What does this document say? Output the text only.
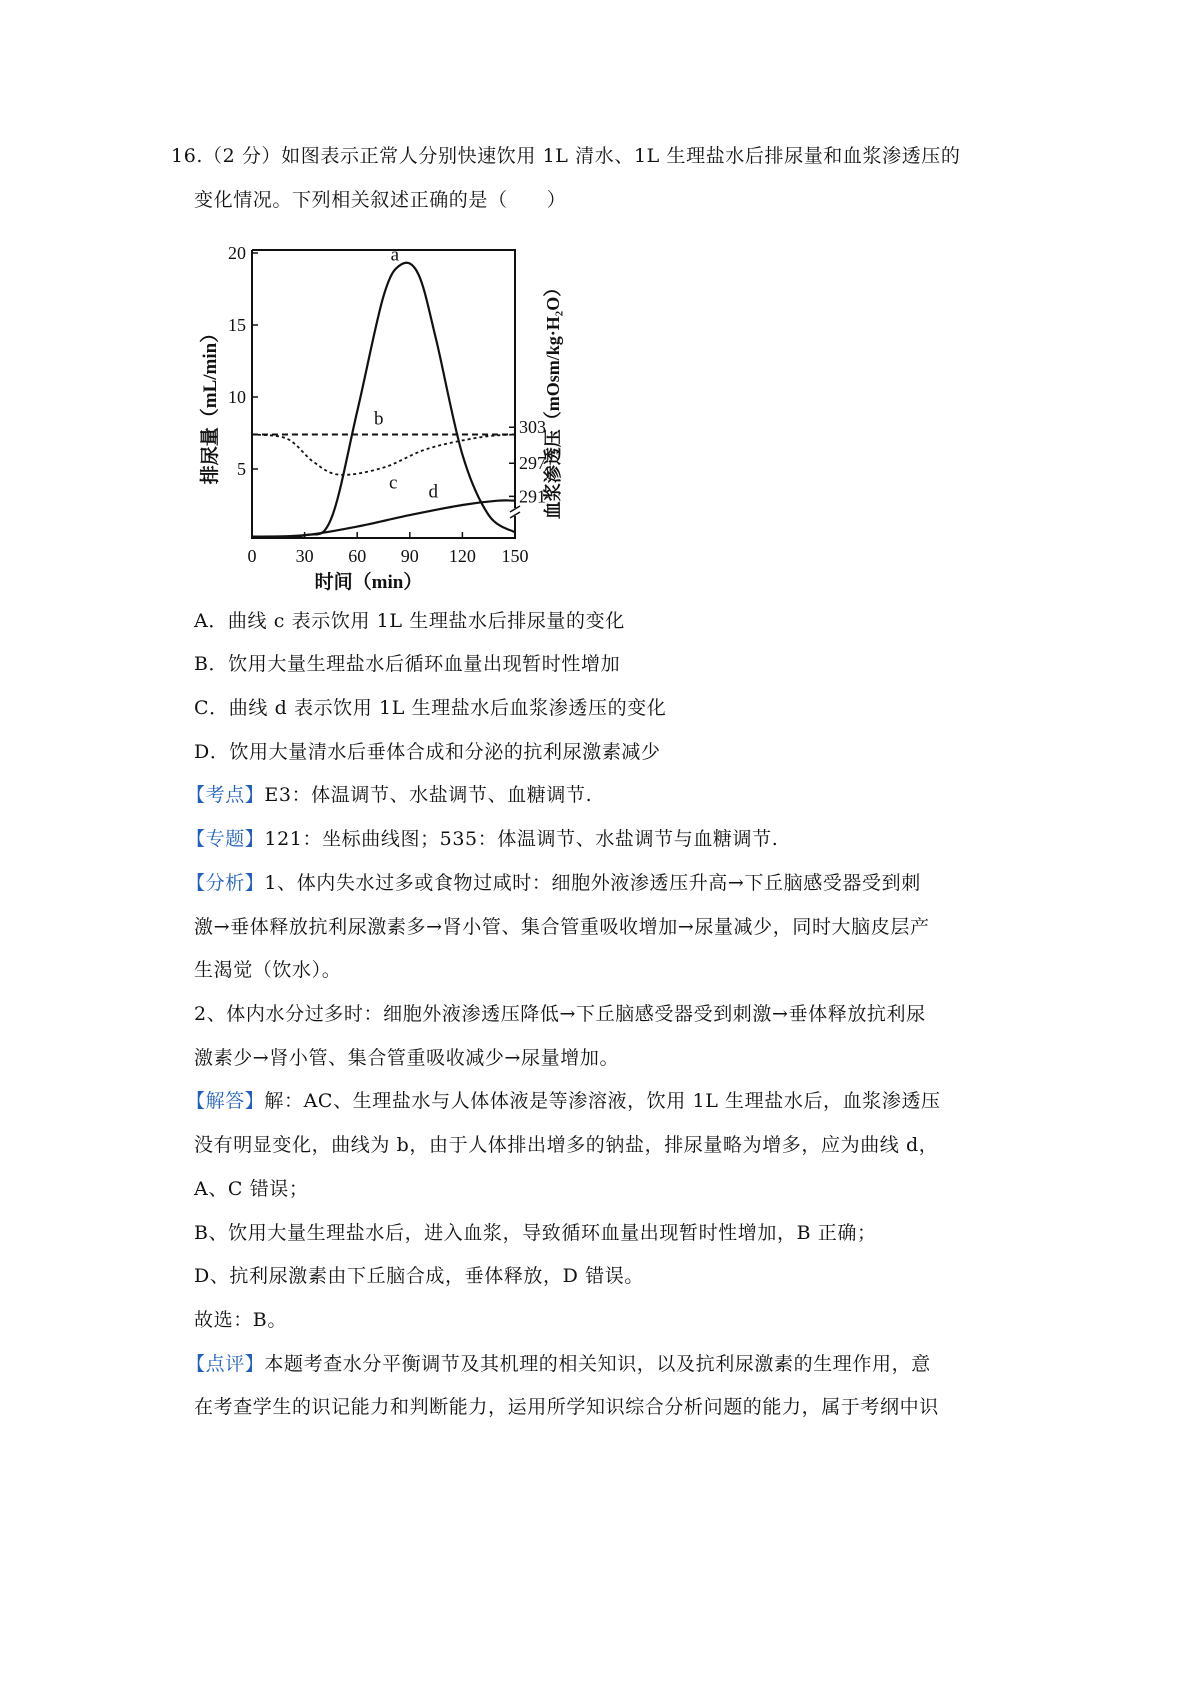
16.（2 分）如图表示正常人分别快速饮用 1L 清水、1L 生理盐水后排尿量和血浆渗透压的
变化情况。下列相关叙述正确的是（　　）
0 30 60 90 120 150
5
10
15
20
291
297
303
a
b
c d
时间（min）
排尿量（mL/min）	血浆渗透压（mOsm/kg·H₂O）
A．曲线 c 表示饮用 1L 生理盐水后排尿量的变化
B．饮用大量生理盐水后循环血量出现暂时性增加
C．曲线 d 表示饮用 1L 生理盐水后血浆渗透压的变化
D．饮用大量清水后垂体合成和分泌的抗利尿激素减少
【考点】E3：体温调节、水盐调节、血糖调节.
【专题】121：坐标曲线图；535：体温调节、水盐调节与血糖调节.
【分析】1、体内失水过多或食物过咸时：细胞外液渗透压升高→下丘脑感受器受到刺
激→垂体释放抗利尿激素多→肾小管、集合管重吸收增加→尿量减少，同时大脑皮层产
生渴觉（饮水）。
2、体内水分过多时：细胞外液渗透压降低→下丘脑感受器受到刺激→垂体释放抗利尿
激素少→肾小管、集合管重吸收减少→尿量增加。
【解答】解：AC、生理盐水与人体体液是等渗溶液，饮用 1L 生理盐水后，血浆渗透压
没有明显变化，曲线为 b，由于人体排出增多的钠盐，排尿量略为增多，应为曲线 d，
A、C 错误；
B、饮用大量生理盐水后，进入血浆，导致循环血量出现暂时性增加，B 正确；
D、抗利尿激素由下丘脑合成，垂体释放，D 错误。
故选：B。
【点评】本题考查水分平衡调节及其机理的相关知识，以及抗利尿激素的生理作用，意
在考查学生的识记能力和判断能力，运用所学知识综合分析问题的能力，属于考纲中识
